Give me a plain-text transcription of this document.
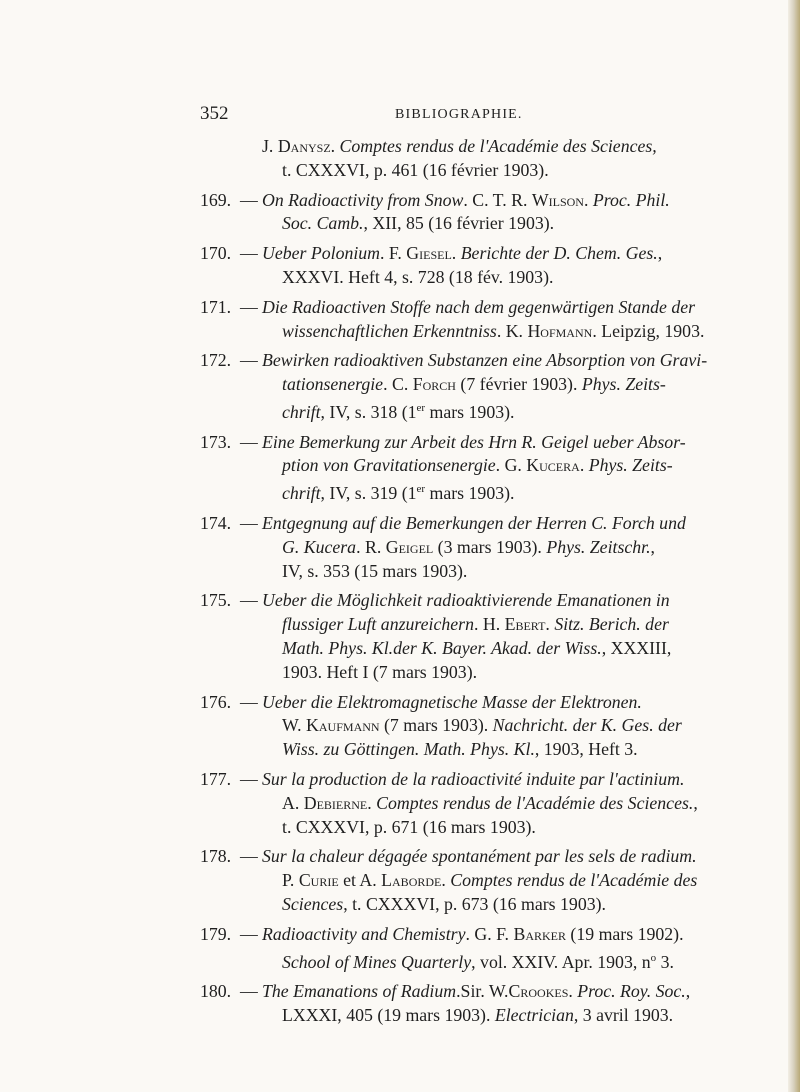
352	BIBLIOGRAPHIE.
J. Danysz. Comptes rendus de l'Académie des Sciences,
t. CXXXVI, p. 461 (16 février 1903).
169. — On Radioactivity from Snow. C. T. R. Wilson. Proc. Phil.
Soc. Camb., XII, 85 (16 février 1903).
170. — Ueber Polonium. F. Giesel. Berichte der D. Chem. Ges.,
XXXVI. Heft 4, s. 728 (18 fév. 1903).
171. — Die Radioactiven Stoffe nach dem gegenwärtigen Stande der
wissenchaftlichen Erkenntniss. K. Hofmann. Leipzig, 1903.
172. — Bewirken radioaktiven Substanzen eine Absorption von Gravi-
tationsenergie. C. Forch (7 février 1903). Phys. Zeits-
chrift, IV, s. 318 (1er mars 1903).
173. — Eine Bemerkung zur Arbeit des Hrn R. Geigel ueber Absor-
ption von Gravitationsenergie. G. Kucera. Phys. Zeits-
chrift, IV, s. 319 (1er mars 1903).
174. — Entgegnung auf die Bemerkungen der Herren C. Forch und
G. Kucera. R. Geigel (3 mars 1903). Phys. Zeitschr.,
IV, s. 353 (15 mars 1903).
175. — Ueber die Möglichkeit radioaktivierende Emanationen in
flussiger Luft anzureichern. H. Ebert. Sitz. Berich. der
Math. Phys. Kl.der K. Bayer. Akad. der Wiss., XXXIII,
1903. Heft I (7 mars 1903).
176. — Ueber die Elektromagnetische Masse der Elektronen.
W. Kaufmann (7 mars 1903). Nachricht. der K. Ges. der
Wiss. zu Göttingen. Math. Phys. Kl., 1903, Heft 3.
177. — Sur la production de la radioactivité induite par l'actinium.
A. Debierne. Comptes rendus de l'Académie des Sciences.,
t. CXXXVI, p. 671 (16 mars 1903).
178. — Sur la chaleur dégagée spontanément par les sels de radium.
P. Curie et A. Laborde. Comptes rendus de l'Académie des
Sciences, t. CXXXVI, p. 673 (16 mars 1903).
179. — Radioactivity and Chemistry. G. F. Barker (19 mars 1902).
School of Mines Quarterly, vol. XXIV. Apr. 1903, $n^o$ 3.
180. — The Emanations of Radium.Sir. W.Crookes. Proc. Roy. Soc.,
LXXXI, 405 (19 mars 1903). Electrician, 3 avril 1903.
